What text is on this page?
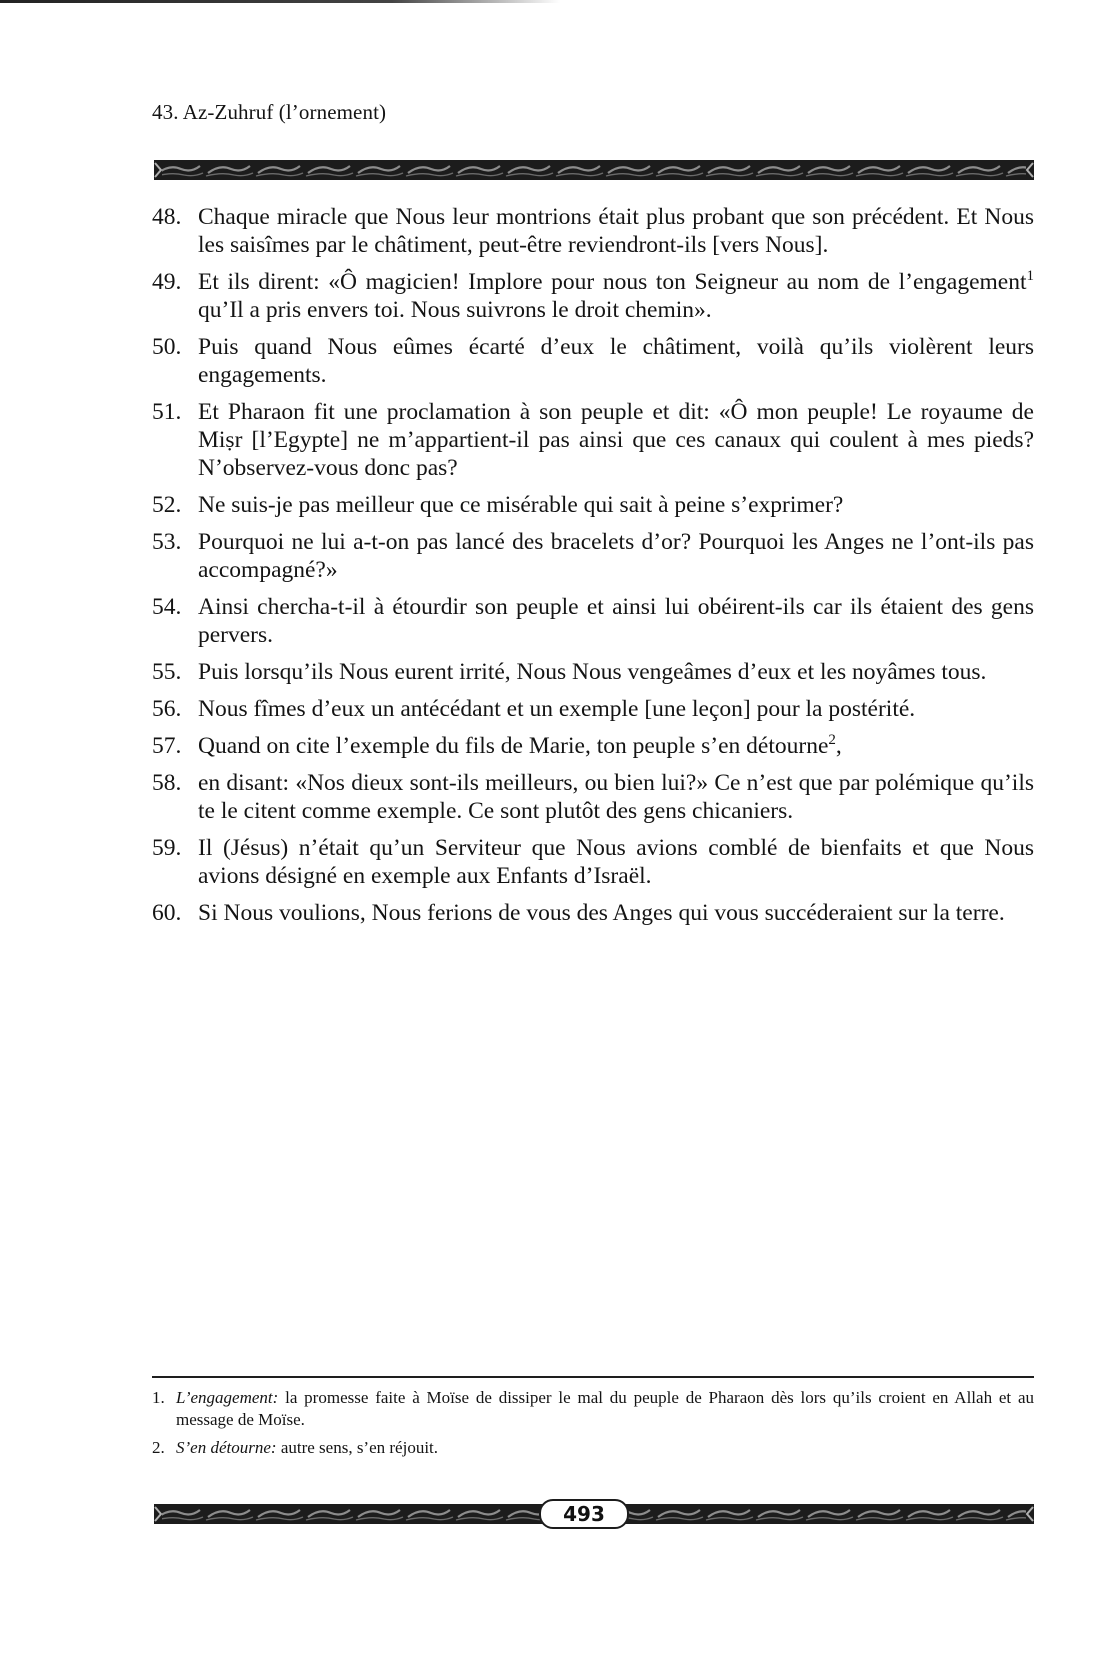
43. Az-Zuhruf (l’ornement)
48. Chaque miracle que Nous leur montrions était plus probant que son précédent. Et Nous les saisîmes par le châtiment, peut-être reviendront-ils [vers Nous].
49. Et ils dirent: «Ô magicien! Implore pour nous ton Seigneur au nom de l’engagement$^1$ qu’Il a pris envers toi. Nous suivrons le droit chemin».
50. Puis quand Nous eûmes écarté d’eux le châtiment, voilà qu’ils violèrent leurs engagements.
51. Et Pharaon fit une proclamation à son peuple et dit: «Ô mon peuple! Le royaume de Miṣr [l’Egypte] ne m’appartient-il pas ainsi que ces canaux qui coulent à mes pieds? N’observez-vous donc pas?
52. Ne suis-je pas meilleur que ce misérable qui sait à peine s’exprimer?
53. Pourquoi ne lui a-t-on pas lancé des bracelets d’or? Pourquoi les Anges ne l’ont-ils pas accompagné?»
54. Ainsi chercha-t-il à étourdir son peuple et ainsi lui obéirent-ils car ils étaient des gens pervers.
55. Puis lorsqu’ils Nous eurent irrité, Nous Nous vengeâmes d’eux et les noyâmes tous.
56. Nous fîmes d’eux un antécédant et un exemple [une leçon] pour la postérité.
57. Quand on cite l’exemple du fils de Marie, ton peuple s’en détourne$^2$,
58. en disant: «Nos dieux sont-ils meilleurs, ou bien lui?» Ce n’est que par polémique qu’ils te le citent comme exemple. Ce sont plutôt des gens chicaniers.
59. Il (Jésus) n’était qu’un Serviteur que Nous avions comblé de bienfaits et que Nous avions désigné en exemple aux Enfants d’Israël.
60. Si Nous voulions, Nous ferions de vous des Anges qui vous succéderaient sur la terre.
1. L’engagement: la promesse faite à Moïse de dissiper le mal du peuple de Pharaon dès lors qu’ils croient en Allah et au message de Moïse.
2. S’en détourne: autre sens, s’en réjouit.
493
